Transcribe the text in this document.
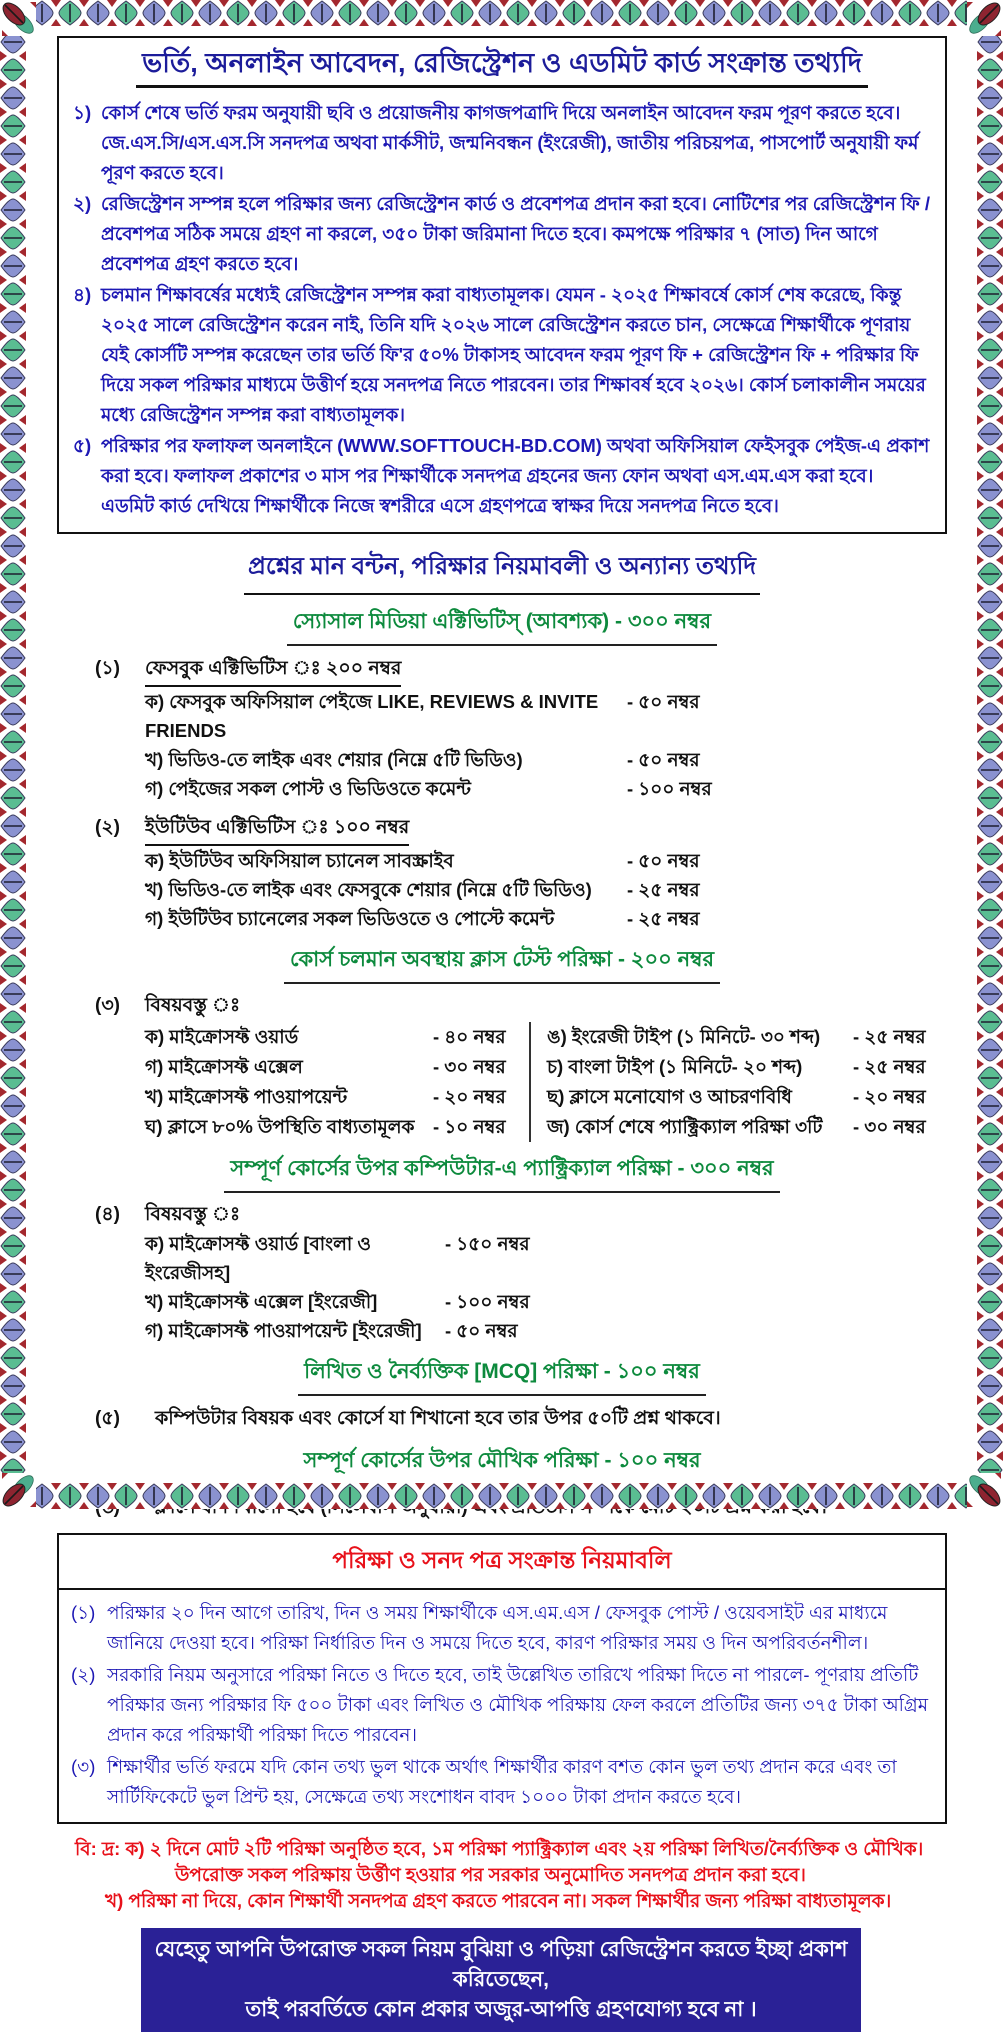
ভর্তি, অনলাইন আবেদন, রেজিস্ট্রেশন ও এডমিট কার্ড সংক্রান্ত তথ্যদি
১) কোর্স শেষে ভর্তি ফরম অনুযায়ী ছবি ও প্রয়োজনীয় কাগজপত্রাদি দিয়ে অনলাইন আবেদন ফরম পূরণ করতে হবে। জে.এস.সি/এস.এস.সি সনদপত্র অথবা মার্কসীট, জন্মনিবন্ধন (ইংরেজী), জাতীয় পরিচয়পত্র, পাসপোর্ট অনুযায়ী ফর্ম পূরণ করতে হবে।
২) রেজিস্ট্রেশন সম্পন্ন হলে পরিক্ষার জন্য রেজিস্ট্রেশন কার্ড ও প্রবেশপত্র প্রদান করা হবে। নোটিশের পর রেজিস্ট্রেশন ফি / প্রবেশপত্র সঠিক সময়ে গ্রহণ না করলে, ৩৫০ টাকা জরিমানা দিতে হবে। কমপক্ষে পরিক্ষার ৭ (সাত) দিন আগে প্রবেশপত্র গ্রহণ করতে হবে।
৪) চলমান শিক্ষাবর্ষের মধ্যেই রেজিস্ট্রেশন সম্পন্ন করা বাধ্যতামূলক। যেমন - ২০২৫ শিক্ষাবর্ষে কোর্স শেষ করেছে, কিন্তু ২০২৫ সালে রেজিস্ট্রেশন করেন নাই, তিনি যদি ২০২৬ সালে রেজিস্ট্রেশন করতে চান, সেক্ষেত্রে শিক্ষার্থীকে পূণরায় যেই কোর্সটি সম্পন্ন করেছেন তার ভর্তি ফি'র ৫০% টাকাসহ আবেদন ফরম পূরণ ফি + রেজিস্ট্রেশন ফি + পরিক্ষার ফি দিয়ে সকল পরিক্ষার মাধ্যমে উত্তীর্ণ হয়ে সনদপত্র নিতে পারবেন। তার শিক্ষাবর্ষ হবে ২০২৬। কোর্স চলাকালীন সময়ের মধ্যে রেজিস্ট্রেশন সম্পন্ন করা বাধ্যতামূলক।
৫) পরিক্ষার পর ফলাফল অনলাইনে (WWW.SOFTTOUCH-BD.COM) অথবা অফিসিয়াল ফেইসবুক পেইজ-এ প্রকাশ করা হবে। ফলাফল প্রকাশের ৩ মাস পর শিক্ষার্থীকে সনদপত্র গ্রহনের জন্য ফোন অথবা এস.এম.এস করা হবে। এডমিট কার্ড দেখিয়ে শিক্ষার্থীকে নিজে স্বশরীরে এসে গ্রহণপত্রে স্বাক্ষর দিয়ে সনদপত্র নিতে হবে।
প্রশ্নের মান বন্টন, পরিক্ষার নিয়মাবলী ও অন্যান্য তথ্যদি
স্যোসাল মিডিয়া এক্টিভিটিস্ (আবশ্যক) - ৩০০ নম্বর
(১)	ফেসবুক এক্টিভিটিস ঃ ২০০ নম্বর
ক) ফেসবুক অফিসিয়াল পেইজে LIKE, REVIEWS & INVITE FRIENDS
- ৫০ নম্বর
খ) ভিডিও-তে লাইক এবং শেয়ার (নিম্নে ৫টি ভিডিও)	- ৫০ নম্বর
গ) পেইজের সকল পোস্ট ও ভিডিওতে কমেন্ট	- ১০০ নম্বর
(২)	ইউটিউব এক্টিভিটিস ঃ ১০০ নম্বর
ক) ইউটিউব অফিসিয়াল চ্যানেল সাবস্ক্রাইব	- ৫০ নম্বর
খ) ভিডিও-তে লাইক এবং ফেসবুকে শেয়ার (নিম্নে ৫টি ভিডিও)	- ২৫ নম্বর
গ) ইউটিউব চ্যানেলের সকল ভিডিওতে ও পোস্টে কমেন্ট	- ২৫ নম্বর
কোর্স চলমান অবস্থায় ক্লাস টেস্ট পরিক্ষা - ২০০ নম্বর
(৩)	বিষয়বস্তু ঃ
ক) মাইক্রোসফ্ট ওয়ার্ড	- ৪০ নম্বর
গ) মাইক্রোসফ্ট এক্সেল	- ৩০ নম্বর
খ) মাইক্রোসফ্ট পাওয়াপয়েন্ট	- ২০ নম্বর
ঘ) ক্লাসে ৮০% উপস্থিতি বাধ্যতামূলক	- ১০ নম্বর
ঙ) ইংরেজী টাইপ (১ মিনিটে- ৩০ শব্দ)	- ২৫ নম্বর
চ) বাংলা টাইপ (১ মিনিটে- ২০ শব্দ)	- ২৫ নম্বর
ছ) ক্লাসে মনোযোগ ও আচরণবিধি	- ২০ নম্বর
জ) কোর্স শেষে প্যাক্ট্রিক্যাল পরিক্ষা ৩টি	- ৩০ নম্বর
সম্পূর্ণ কোর্সের উপর কম্পিউটার-এ প্যাক্ট্রিক্যাল পরিক্ষা - ৩০০ নম্বর
(৪)	বিষয়বস্তু ঃ
ক) মাইক্রোসফ্ট ওয়ার্ড [বাংলা ও ইংরেজীসহ]
- ১৫০ নম্বর
খ) মাইক্রোসফ্ট এক্সেল [ইংরেজী]	- ১০০ নম্বর
গ) মাইক্রোসফ্ট পাওয়াপয়েন্ট [ইংরেজী]	- ৫০ নম্বর
লিখিত ও নৈর্ব্যক্তিক [MCQ] পরিক্ষা - ১০০ নম্বর
(৫)	কম্পিউটার বিষয়ক এবং কোর্সে যা শিখানো হবে তার উপর ৫০টি প্রশ্ন থাকবে।
সম্পূর্ণ কোর্সের উপর মৌখিক পরিক্ষা - ১০০ নম্বর
পরিক্ষা ও সনদ পত্র সংক্রান্ত নিয়মাবলি
(১) পরিক্ষার ২০ দিন আগে তারিখ, দিন ও সময় শিক্ষার্থীকে এস.এম.এস / ফেসবুক পোস্ট / ওয়েবসাইট এর মাধ্যমে জানিয়ে দেওয়া হবে। পরিক্ষা নির্ধারিত দিন ও সময়ে দিতে হবে, কারণ পরিক্ষার সময় ও দিন অপরিবর্তনশীল।
(২) সরকারি নিয়ম অনুসারে পরিক্ষা নিতে ও দিতে হবে, তাই উল্লেখিত তারিখে পরিক্ষা দিতে না পারলে- পূণরায় প্রতিটি পরিক্ষার জন্য পরিক্ষার ফি ৫০০ টাকা এবং লিখিত ও মৌখিক পরিক্ষায় ফেল করলে প্রতিটির জন্য ৩৭৫ টাকা অগ্রিম প্রদান করে পরিক্ষার্থী পরিক্ষা দিতে পারবেন।
(৩) শিক্ষার্থীর ভর্তি ফরমে যদি কোন তথ্য ভুল থাকে অর্থাৎ শিক্ষার্থীর কারণ বশত কোন ভুল তথ্য প্রদান করে এবং তা সার্টিফিকেটে ভুল প্রিন্ট হয়, সেক্ষেত্রে তথ্য সংশোধন বাবদ ১০০০ টাকা প্রদান করতে হবে।
বি: দ্র: ক) ২ দিনে মোট ২টি পরিক্ষা অনুষ্ঠিত হবে, ১ম পরিক্ষা প্যাক্ট্রিক্যাল এবং ২য় পরিক্ষা লিখিত/নৈর্ব্যক্তিক ও মৌখিক।
উপরোক্ত সকল পরিক্ষায় উর্ত্তীণ হওয়ার পর সরকার অনুমোদিত সনদপত্র প্রদান করা হবে।
খ) পরিক্ষা না দিয়ে, কোন শিক্ষার্থী সনদপত্র গ্রহণ করতে পারবেন না। সকল শিক্ষার্থীর জন্য পরিক্ষা বাধ্যতামূলক।
যেহেতু আপনি উপরোক্ত সকল নিয়ম বুঝিয়া ও পড়িয়া রেজিস্ট্রেশন করতে ইচ্ছা প্রকাশ করিতেছেন,
তাই পরবর্তিতে কোন প্রকার অজুর-আপত্তি গ্রহণযোগ্য হবে না ।
